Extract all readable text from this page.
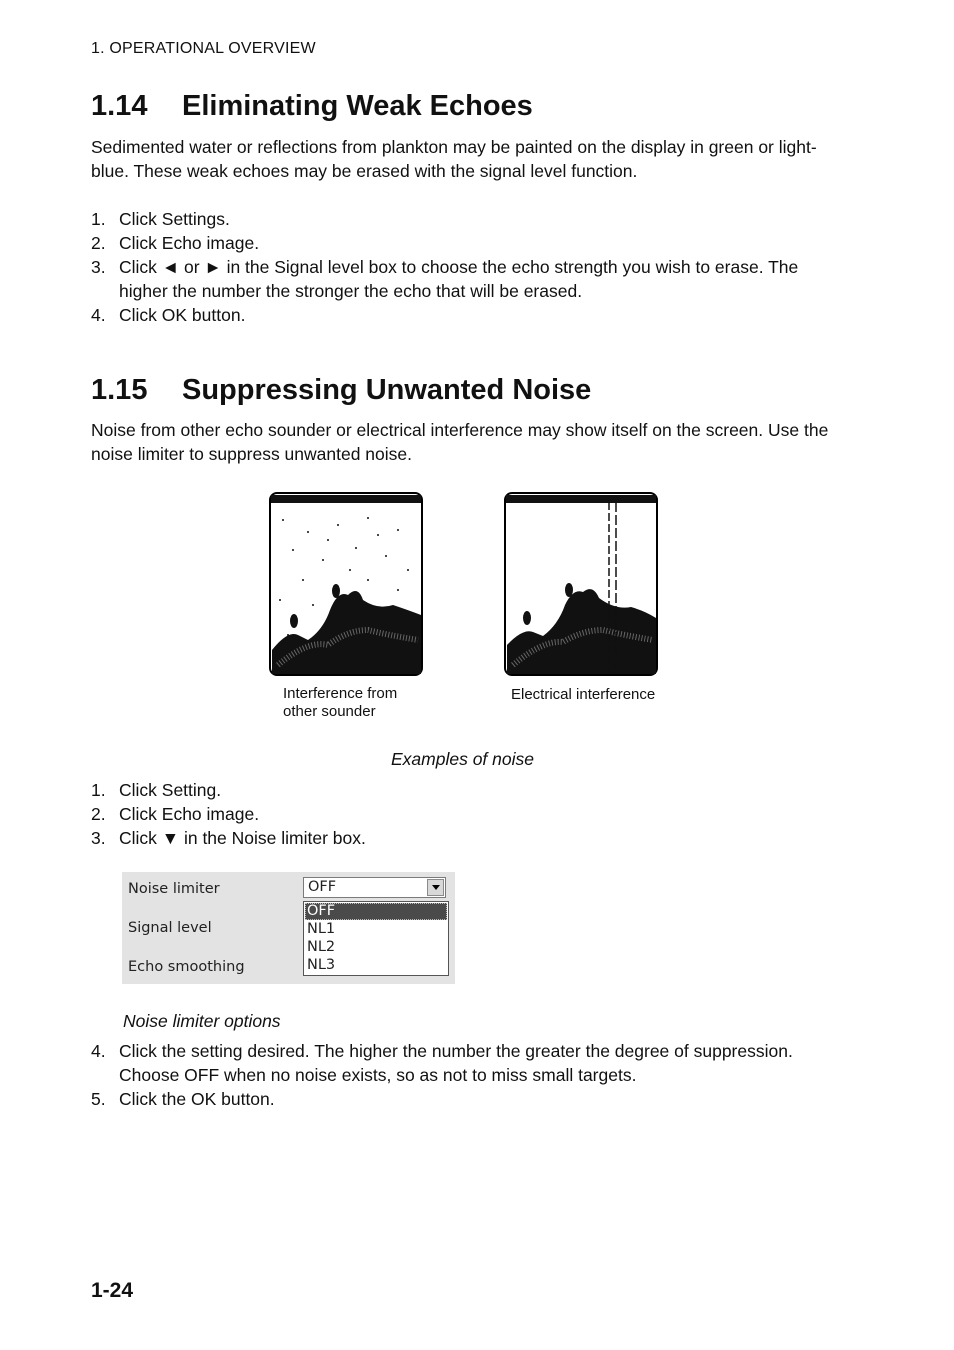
1. OPERATIONAL OVERVIEW
1.14	Eliminating Weak Echoes
Sedimented water or reflections from plankton may be painted on the display in green or light-blue. These weak echoes may be erased with the signal level function.
1. Click Settings.
2. Click Echo image.
3. Click ◄ or ► in the Signal level box to choose the echo strength you wish to erase. The higher the number the stronger the echo that will be erased.
4. Click OK button.
1.15	Suppressing Unwanted Noise
Noise from other echo sounder or electrical interference may show itself on the screen. Use the noise limiter to suppress unwanted noise.
Interference from
other sounder
Electrical interference
Examples of noise
1. Click Setting.
2. Click Echo image.
3. Click ▼ in the Noise limiter box.
Noise limiter
Signal level
Echo smoothing
OFF
OFF
NL1
NL2
NL3
Noise limiter options
4. Click the setting desired. The higher the number the greater the degree of suppression. Choose OFF when no noise exists, so as not to miss small targets.
5. Click the OK button.
1-24
